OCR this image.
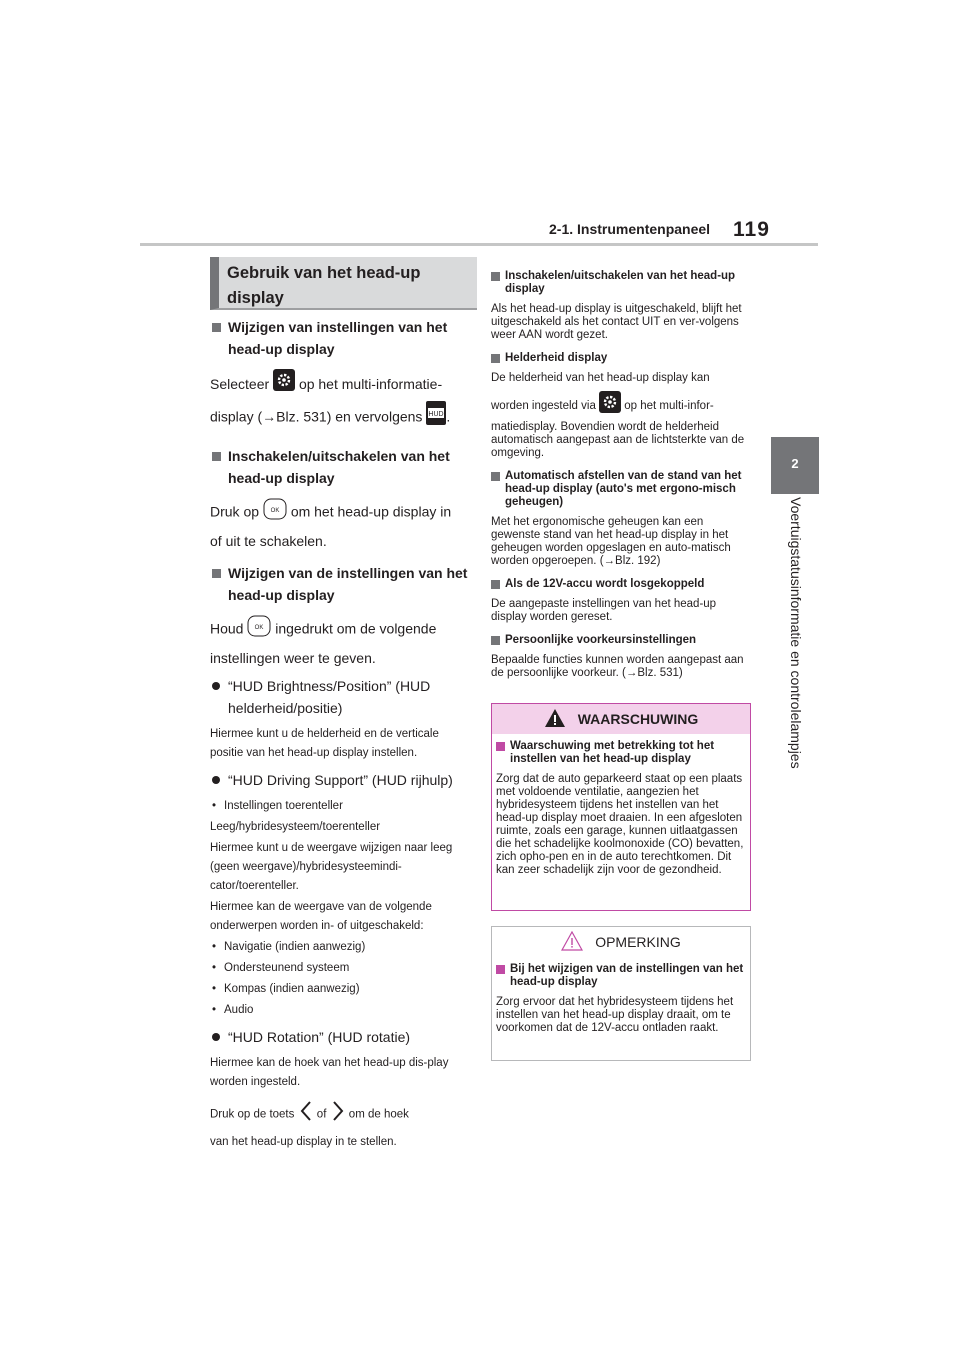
2-1. Instrumentenpaneel 119
2
Voertuigstatusinformatie en controlelampjes
Gebruik van het head-up display

Wijzigen van instellingen van het head-up display

Selecteer op het multi-informatie-
display (→Blz. 531) en vervolgens HUD .

Inschakelen/uitschakelen van het head-up display

Druk op OK om het head-up display in
of uit te schakelen.

Wijzigen van de instellingen van het head-up display

Houd OK ingedrukt om de volgende
instellingen weer te geven.

“HUD Brightness/Position” (HUD helderheid/positie)

Hiermee kunt u de helderheid en de verticale positie van het head-up display instellen.

“HUD Driving Support” (HUD rijhulp)

• Instellingen toerenteller

Leeg/hybridesysteem/toerenteller

Hiermee kunt u de weergave wijzigen naar leeg (geen weergave)/hybridesysteemindi-cator/toerenteller.

Hiermee kan de weergave van de volgende onderwerpen worden in- of uitgeschakeld:

• Navigatie (indien aanwezig)

• Ondersteunend systeem

• Kompas (indien aanwezig)

• Audio

“HUD Rotation” (HUD rotatie)

Hiermee kan de hoek van het head-up dis-play worden ingesteld.

Druk op de toets of om de hoek

van het head-up display in te stellen.

Inschakelen/uitschakelen van het head-up display

Als het head-up display is uitgeschakeld, blijft het uitgeschakeld als het contact UIT en ver-volgens weer AAN wordt gezet.

Helderheid display

De helderheid van het head-up display kan

worden ingesteld via op het multi-infor-

matiedisplay. Bovendien wordt de helderheid automatisch aangepast aan de lichtsterkte van de omgeving.

Automatisch afstellen van de stand van het head-up display (auto's met ergono-misch geheugen)

Met het ergonomische geheugen kan een gewenste stand van het head-up display in het geheugen worden opgeslagen en auto-matisch worden opgeroepen. (→Blz. 192)

Als de 12V-accu wordt losgekoppeld

De aangepaste instellingen van het head-up display worden gereset.

Persoonlijke voorkeursinstellingen

Bepaalde functies kunnen worden aangepast aan de persoonlijke voorkeur. (→Blz. 531)

WAARSCHUWING

Waarschuwing met betrekking tot het instellen van het head-up display

Zorg dat de auto geparkeerd staat op een plaats met voldoende ventilatie, aangezien het hybridesysteem tijdens het instellen van het head-up display moet draaien. In een afgesloten ruimte, zoals een garage, kunnen uitlaatgassen die het schadelijke koolmonoxide (CO) bevatten, zich opho-pen en in de auto terechtkomen. Dit kan zeer schadelijk zijn voor de gezondheid.

OPMERKING

Bij het wijzigen van de instellingen van het head-up display

Zorg ervoor dat het hybridesysteem tijdens het instellen van het head-up display draait, om te voorkomen dat de 12V-accu ontladen raakt.
